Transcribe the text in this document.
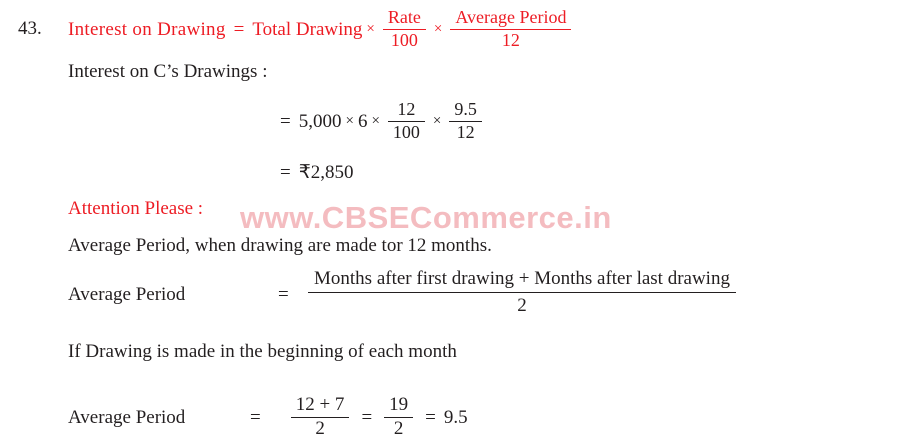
43. Interest on Drawing = Total Drawing × $\frac{\text{Rate}}{100} \times \frac{\text{Average Period}}{12}$
Interest on C’s Drawings :
= $5,000 \times 6 \times \frac{12}{100} \times \frac{9.5}{12}$
= ₹2,850
Attention Please : www.CBSECommerce.in
Average Period, when drawing are made tor 12 months.
Average Period	= $\frac{\text{Months after first drawing + Months after last drawing}}{2}$
If Drawing is made in the beginning of each month
Average Period	= $\frac{12 + 7}{2} = \frac{19}{2} = 9.5$
